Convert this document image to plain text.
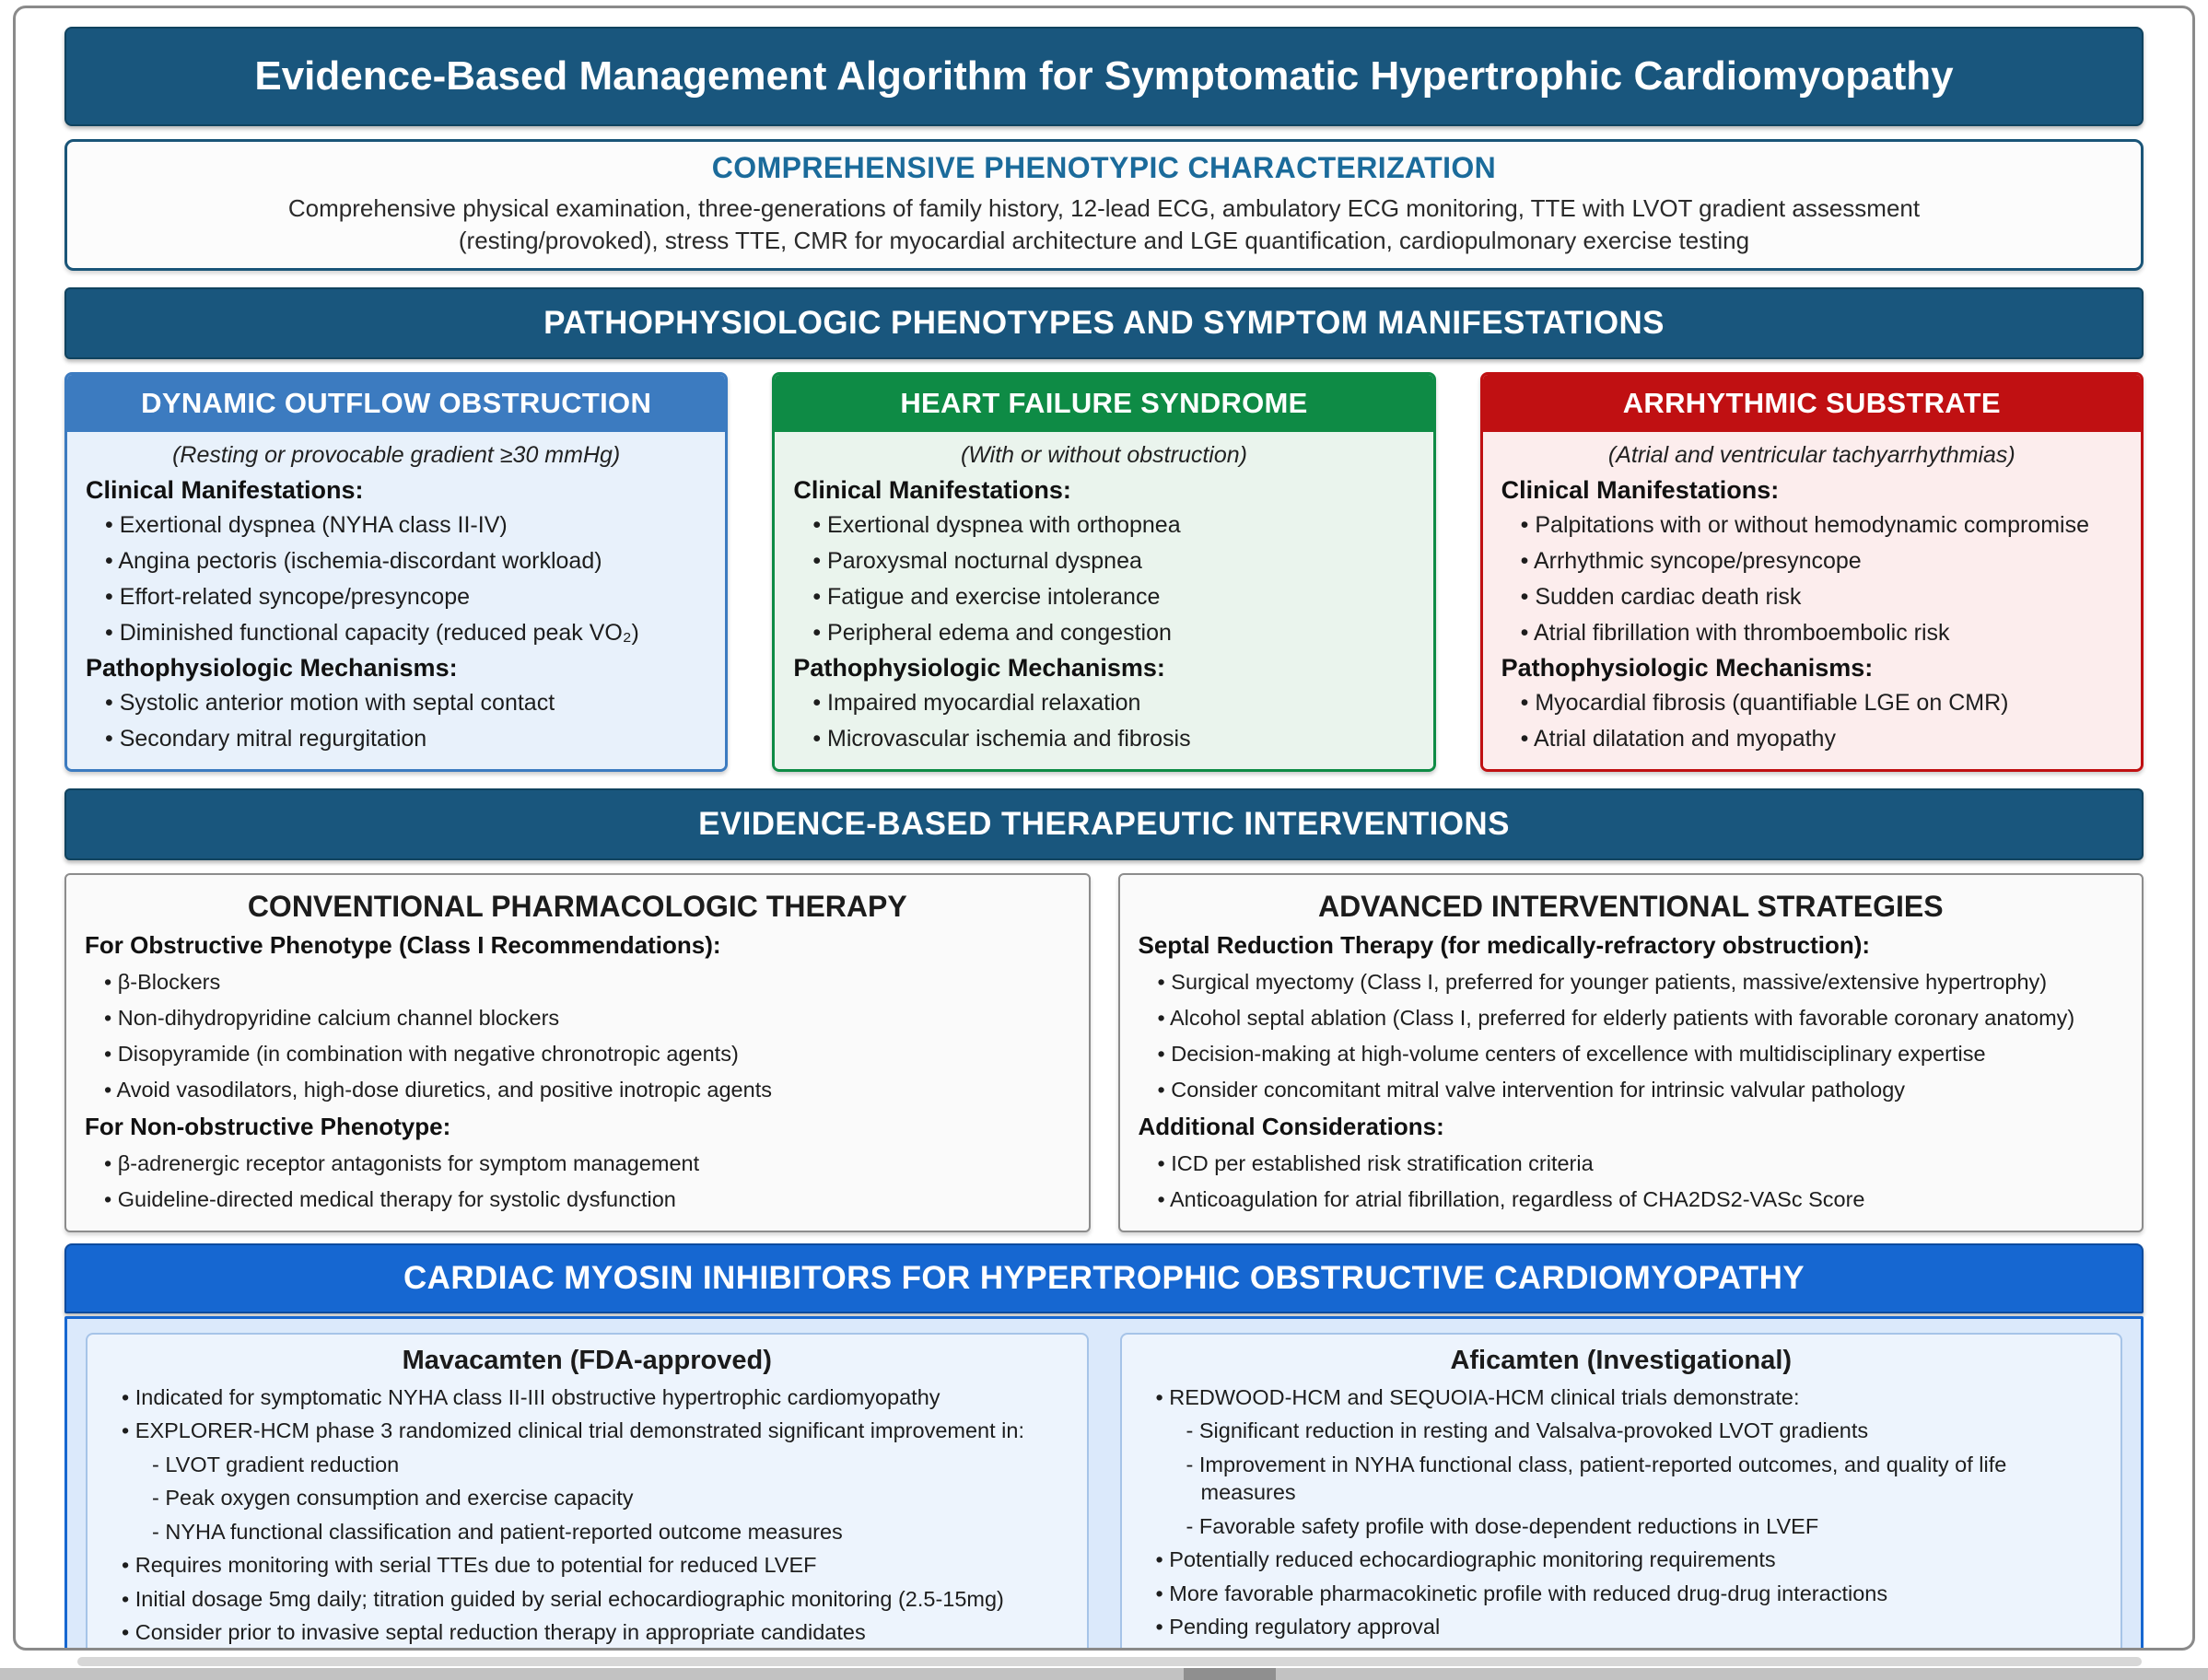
Evidence-Based Management Algorithm for Symptomatic Hypertrophic Cardiomyopathy
COMPREHENSIVE PHENOTYPIC CHARACTERIZATION
Comprehensive physical examination, three-generations of family history, 12-lead ECG, ambulatory ECG monitoring, TTE with LVOT gradient assessment (resting/provoked), stress TTE, CMR for myocardial architecture and LGE quantification, cardiopulmonary exercise testing
PATHOPHYSIOLOGIC PHENOTYPES AND SYMPTOM MANIFESTATIONS
DYNAMIC OUTFLOW OBSTRUCTION
(Resting or provocable gradient ≥30 mmHg)
Clinical Manifestations:
• Exertional dyspnea (NYHA class II-IV)
• Angina pectoris (ischemia-discordant workload)
• Effort-related syncope/presyncope
• Diminished functional capacity (reduced peak VO₂)
Pathophysiologic Mechanisms:
• Systolic anterior motion with septal contact
• Secondary mitral regurgitation
HEART FAILURE SYNDROME
(With or without obstruction)
Clinical Manifestations:
• Exertional dyspnea with orthopnea
• Paroxysmal nocturnal dyspnea
• Fatigue and exercise intolerance
• Peripheral edema and congestion
Pathophysiologic Mechanisms:
• Impaired myocardial relaxation
• Microvascular ischemia and fibrosis
ARRHYTHMIC SUBSTRATE
(Atrial and ventricular tachyarrhythmias)
Clinical Manifestations:
• Palpitations with or without hemodynamic compromise
• Arrhythmic syncope/presyncope
• Sudden cardiac death risk
• Atrial fibrillation with thromboembolic risk
Pathophysiologic Mechanisms:
• Myocardial fibrosis (quantifiable LGE on CMR)
• Atrial dilatation and myopathy
EVIDENCE-BASED THERAPEUTIC INTERVENTIONS
CONVENTIONAL PHARMACOLOGIC THERAPY
For Obstructive Phenotype (Class I Recommendations):
• β-Blockers
• Non-dihydropyridine calcium channel blockers
• Disopyramide (in combination with negative chronotropic agents)
• Avoid vasodilators, high-dose diuretics, and positive inotropic agents
For Non-obstructive Phenotype:
• β-adrenergic receptor antagonists for symptom management
• Guideline-directed medical therapy for systolic dysfunction
ADVANCED INTERVENTIONAL STRATEGIES
Septal Reduction Therapy (for medically-refractory obstruction):
• Surgical myectomy (Class I, preferred for younger patients, massive/extensive hypertrophy)
• Alcohol septal ablation (Class I, preferred for elderly patients with favorable coronary anatomy)
• Decision-making at high-volume centers of excellence with multidisciplinary expertise
• Consider concomitant mitral valve intervention for intrinsic valvular pathology
Additional Considerations:
• ICD per established risk stratification criteria
• Anticoagulation for atrial fibrillation, regardless of CHA2DS2-VASc Score
CARDIAC MYOSIN INHIBITORS FOR HYPERTROPHIC OBSTRUCTIVE CARDIOMYOPATHY
Mavacamten (FDA-approved)
• Indicated for symptomatic NYHA class II-III obstructive hypertrophic cardiomyopathy
• EXPLORER-HCM phase 3 randomized clinical trial demonstrated significant improvement in:
- LVOT gradient reduction
- Peak oxygen consumption and exercise capacity
- NYHA functional classification and patient-reported outcome measures
• Requires monitoring with serial TTEs due to potential for reduced LVEF
• Initial dosage 5mg daily; titration guided by serial echocardiographic monitoring (2.5-15mg)
• Consider prior to invasive septal reduction therapy in appropriate candidates
Aficamten (Investigational)
• REDWOOD-HCM and SEQUOIA-HCM clinical trials demonstrate:
- Significant reduction in resting and Valsalva-provoked LVOT gradients
- Improvement in NYHA functional class, patient-reported outcomes, and quality of life measures
- Favorable safety profile with dose-dependent reductions in LVEF
• Potentially reduced echocardiographic monitoring requirements
• More favorable pharmacokinetic profile with reduced drug-drug interactions
• Pending regulatory approval
